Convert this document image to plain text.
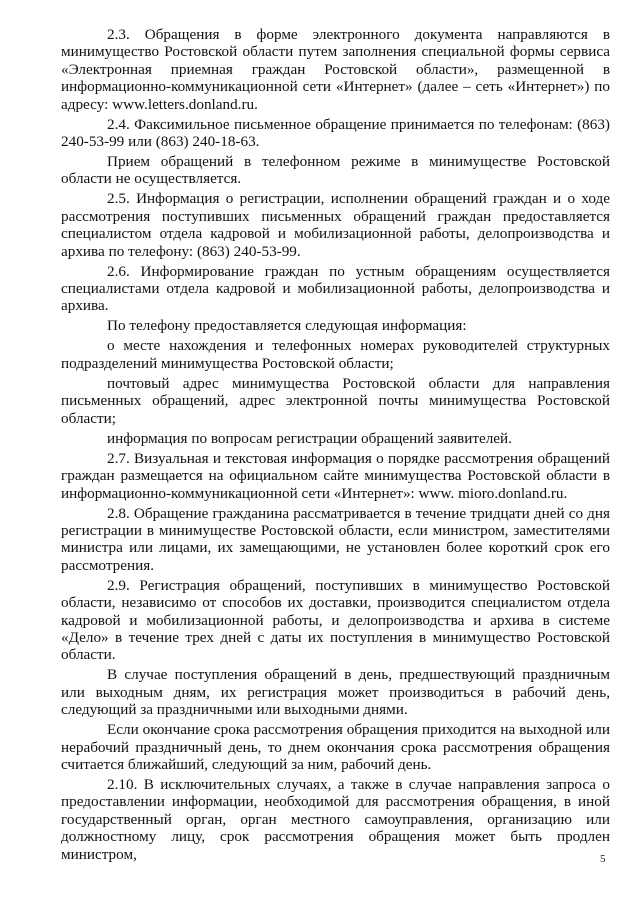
2.3. Обращения в форме электронного документа направляются в минимущество Ростовской области путем заполнения специальной формы сервиса «Электронная приемная граждан Ростовской области», размещенной в информационно-коммуникационной сети «Интернет» (далее – сеть «Интернет») по адресу: www.letters.donland.ru.

2.4. Факсимильное письменное обращение принимается по телефонам: (863) 240-53-99 или (863) 240-18-63.

Прием обращений в телефонном режиме в минимуществе Ростовской области не осуществляется.

2.5. Информация о регистрации, исполнении обращений граждан и о ходе рассмотрения поступивших письменных обращений граждан предоставляется специалистом отдела кадровой и мобилизационной работы, делопроизводства и архива по телефону: (863) 240-53-99.

2.6. Информирование граждан по устным обращениям осуществляется специалистами отдела кадровой и мобилизационной работы, делопроизводства и архива.

По телефону предоставляется следующая информация:

о месте нахождения и телефонных номерах руководителей структурных подразделений минимущества Ростовской области;

почтовый адрес минимущества Ростовской области для направления письменных обращений, адрес электронной почты минимущества Ростовской области;

информация по вопросам регистрации обращений заявителей.

2.7. Визуальная и текстовая информация о порядке рассмотрения обращений граждан размещается на официальном сайте минимущества Ростовской области в информационно-коммуникационной сети «Интернет»: www. mioro.donland.ru.

2.8. Обращение гражданина рассматривается в течение тридцати дней со дня регистрации в минимуществе Ростовской области, если министром, заместителями министра или лицами, их замещающими, не установлен более короткий срок его рассмотрения.

2.9. Регистрация обращений, поступивших в минимущество Ростовской области, независимо от способов их доставки, производится специалистом отдела кадровой и мобилизационной работы, и делопроизводства и архива в системе «Дело» в течение трех дней с даты их поступления в минимущество Ростовской области.

В случае поступления обращений в день, предшествующий праздничным или выходным дням, их регистрация может производиться в рабочий день, следующий за праздничными или выходными днями.

Если окончание срока рассмотрения обращения приходится на выходной или нерабочий праздничный день, то днем окончания срока рассмотрения обращения считается ближайший, следующий за ним, рабочий день.

2.10. В исключительных случаях, а также в случае направления запроса о предоставлении информации, необходимой для рассмотрения обращения, в иной государственный орган, орган местного самоуправления, организацию или должностному лицу, срок рассмотрения обращения может быть продлен министром,	5
